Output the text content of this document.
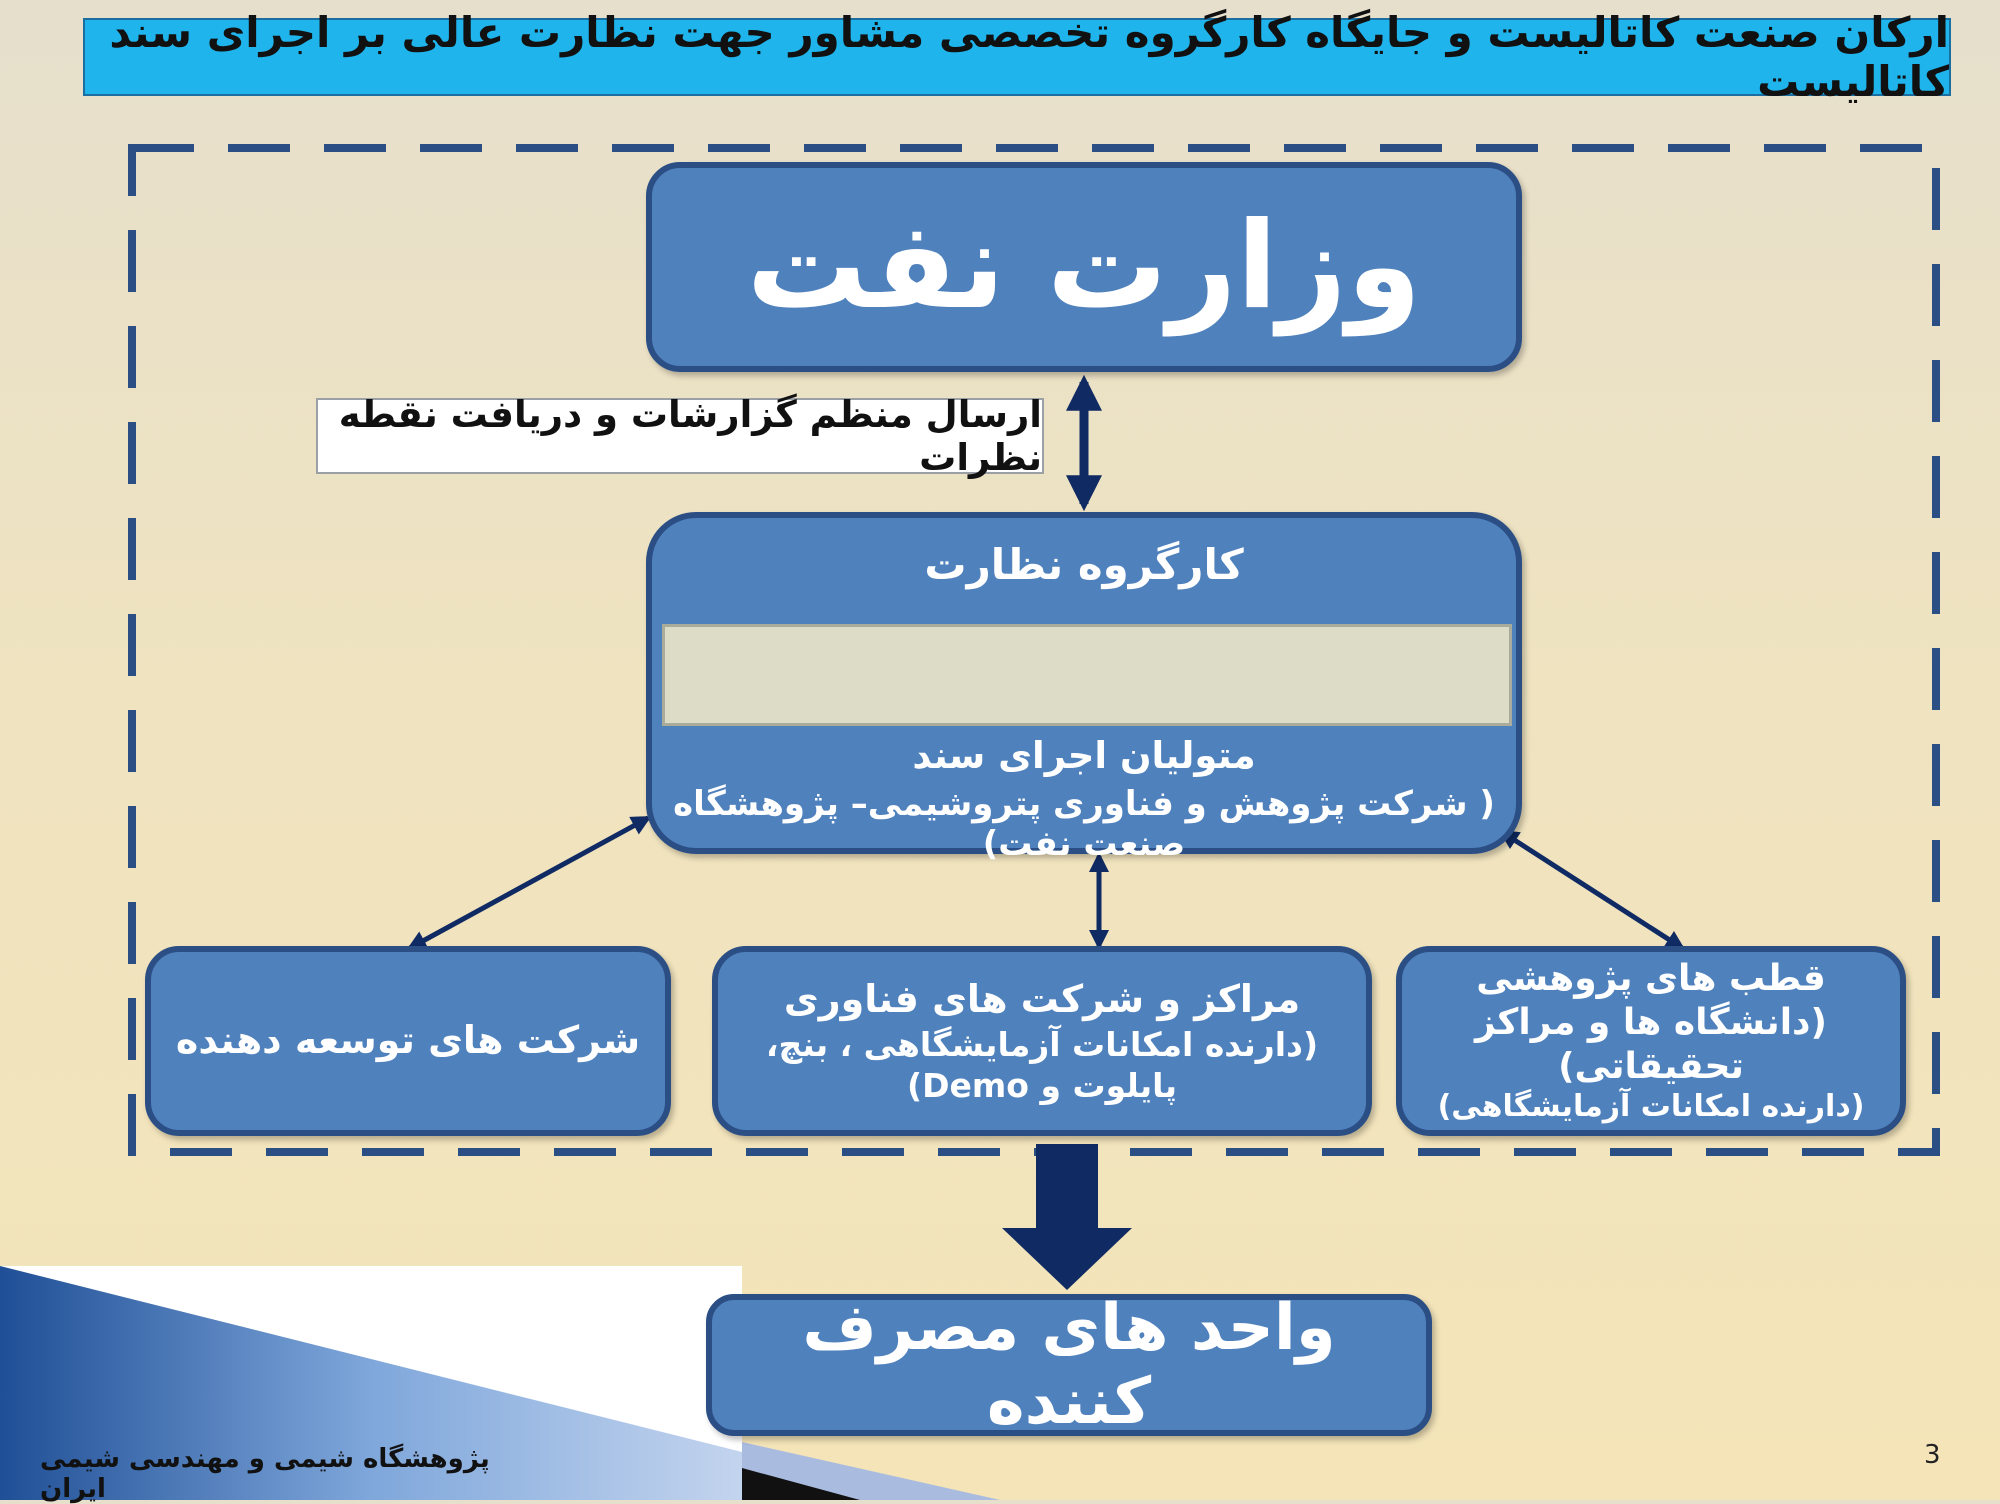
ارکان صنعت کاتالیست و جایگاه کارگروه تخصصی مشاور جهت نظارت عالی بر اجرای سند کاتالیست
وزارت نفت
ارسال منظم گزارشات و دریافت نقطه نظرات
کارگروه نظارت
متولیان اجرای سند
( شرکت پژوهش و فناوری پتروشیمی– پژوهشگاه صنعت نفت)
شرکت های توسعه دهنده
مراکز و شرکت های فناوری
(دارنده امکانات آزمایشگاهی ، بنچ،
پایلوت و Demo)
قطب های پژوهشی
(دانشگاه ها و مراکز
تحقیقاتی)
(دارنده امکانات آزمایشگاهی)
واحد های مصرف کننده
پژوهشگاه شیمی و مهندسی شیمی ایران
3
